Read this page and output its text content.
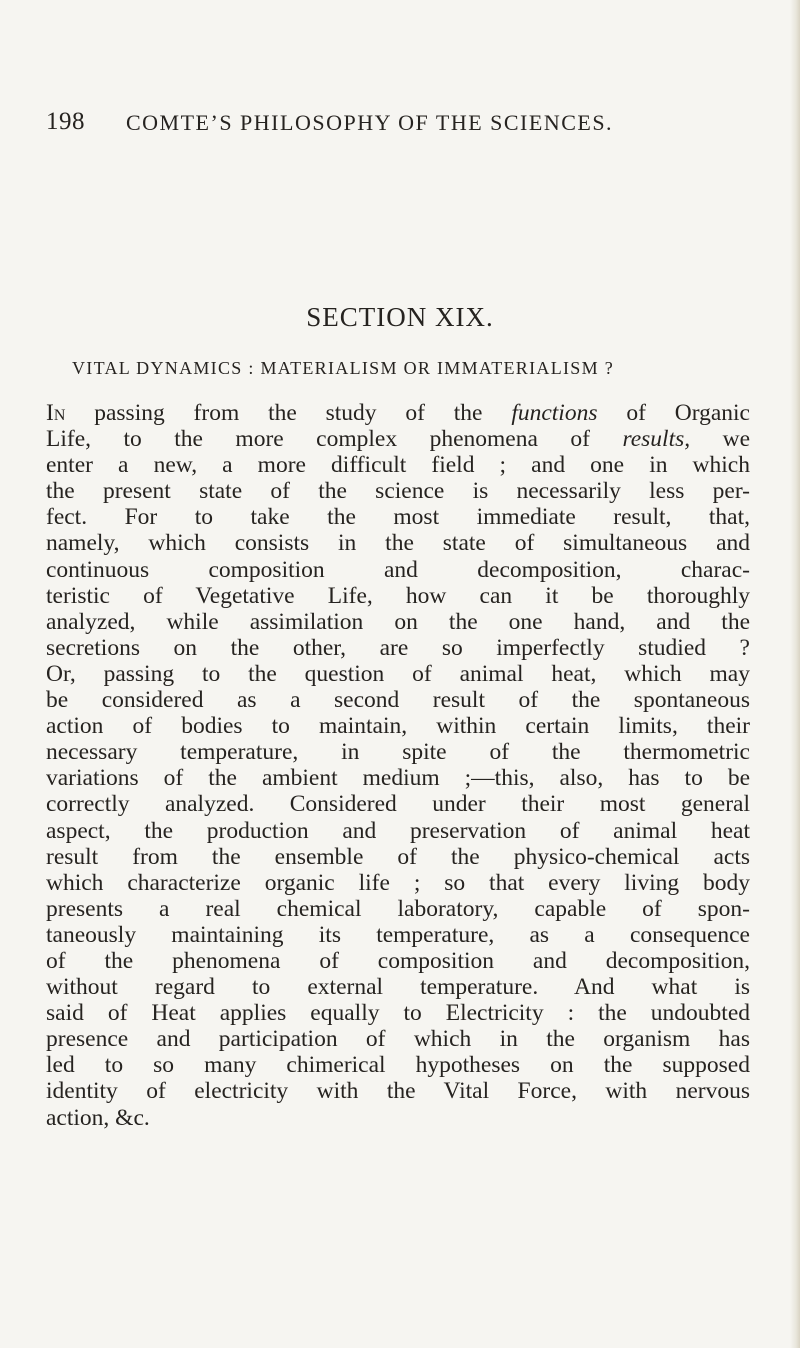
198 COMTE’S PHILOSOPHY OF THE SCIENCES.
SECTION XIX.
VITAL DYNAMICS : MATERIALISM OR IMMATERIALISM ?
In passing from the study of the functions of Organic
Life, to the more complex phenomena of results, we
enter a new, a more difficult field ; and one in which
the present state of the science is necessarily less per-
fect. For to take the most immediate result, that,
namely, which consists in the state of simultaneous and
continuous composition and decomposition, charac-
teristic of Vegetative Life, how can it be thoroughly
analyzed, while assimilation on the one hand, and the
secretions on the other, are so imperfectly studied ?
Or, passing to the question of animal heat, which may
be considered as a second result of the spontaneous
action of bodies to maintain, within certain limits, their
necessary temperature, in spite of the thermometric
variations of the ambient medium ;—this, also, has to be
correctly analyzed. Considered under their most general
aspect, the production and preservation of animal heat
result from the ensemble of the physico-chemical acts
which characterize organic life ; so that every living body
presents a real chemical laboratory, capable of spon-
taneously maintaining its temperature, as a consequence
of the phenomena of composition and decomposition,
without regard to external temperature. And what is
said of Heat applies equally to Electricity : the undoubted
presence and participation of which in the organism has
led to so many chimerical hypotheses on the supposed
identity of electricity with the Vital Force, with nervous
action, &c.
